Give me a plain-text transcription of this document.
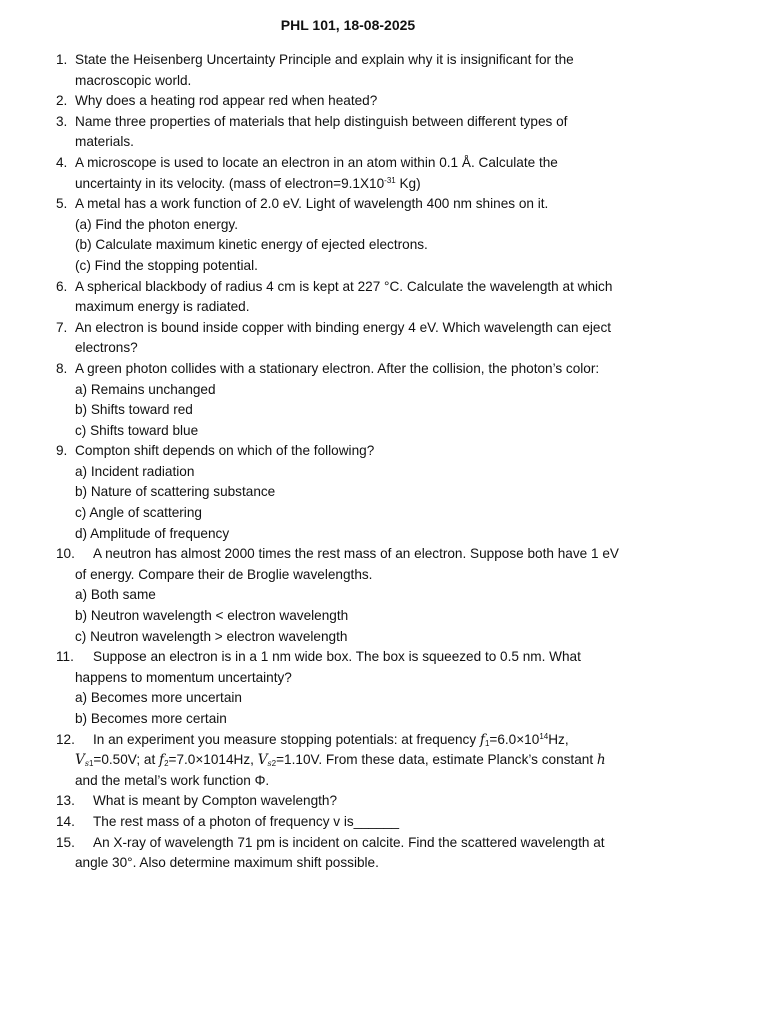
PHL 101, 18-08-2025
1. State the Heisenberg Uncertainty Principle and explain why it is insignificant for the
macroscopic world.
2. Why does a heating rod appear red when heated?
3. Name three properties of materials that help distinguish between different types of
materials.
4. A microscope is used to locate an electron in an atom within 0.1 Å. Calculate the
uncertainty in its velocity. (mass of $electron=9.1X10^{-31}$ Kg)
5. A metal has a work function of 2.0 eV. Light of wavelength 400 nm shines on it.
(a) Find the photon energy.
(b) Calculate maximum kinetic energy of ejected electrons.
(c) Find the stopping potential.
6. A spherical blackbody of radius 4 cm is kept at 227 °C. Calculate the wavelength at which
maximum energy is radiated.
7. An electron is bound inside copper with binding energy 4 eV. Which wavelength can eject
electrons?
8. A green photon collides with a stationary electron. After the collision, the photon’s color:
a) Remains unchanged
b) Shifts toward red
c) Shifts toward blue
9. Compton shift depends on which of the following?
a) Incident radiation
b) Nature of scattering substance
c) Angle of scattering
d) Amplitude of frequency
10.	A neutron has almost 2000 times the rest mass of an electron. Suppose both have 1 eV
of energy. Compare their de Broglie wavelengths.
a) Both same
b) Neutron wavelength < electron wavelength
c) Neutron wavelength > electron wavelength
11.	Suppose an electron is in a 1 nm wide box. The box is squeezed to 0.5 nm. What
happens to momentum uncertainty?
a) Becomes more uncertain
b) Becomes more certain
12.	In an experiment you measure stopping potentials: at frequency $f_1=6.0\times 10^{14}Hz$,
$V_{s1}=0.50V$; at $f_2=7.0\times 1014Hz$, $V_{s2}=1.10V$. From these data, estimate Planck’s constant h
and the metal’s work function Φ.
13.	What is meant by Compton wavelength?
14.	The rest mass of a photon of frequency v is______
15.	An X-ray of wavelength 71 pm is incident on calcite. Find the scattered wavelength at
angle 30°. Also determine maximum shift possible.
